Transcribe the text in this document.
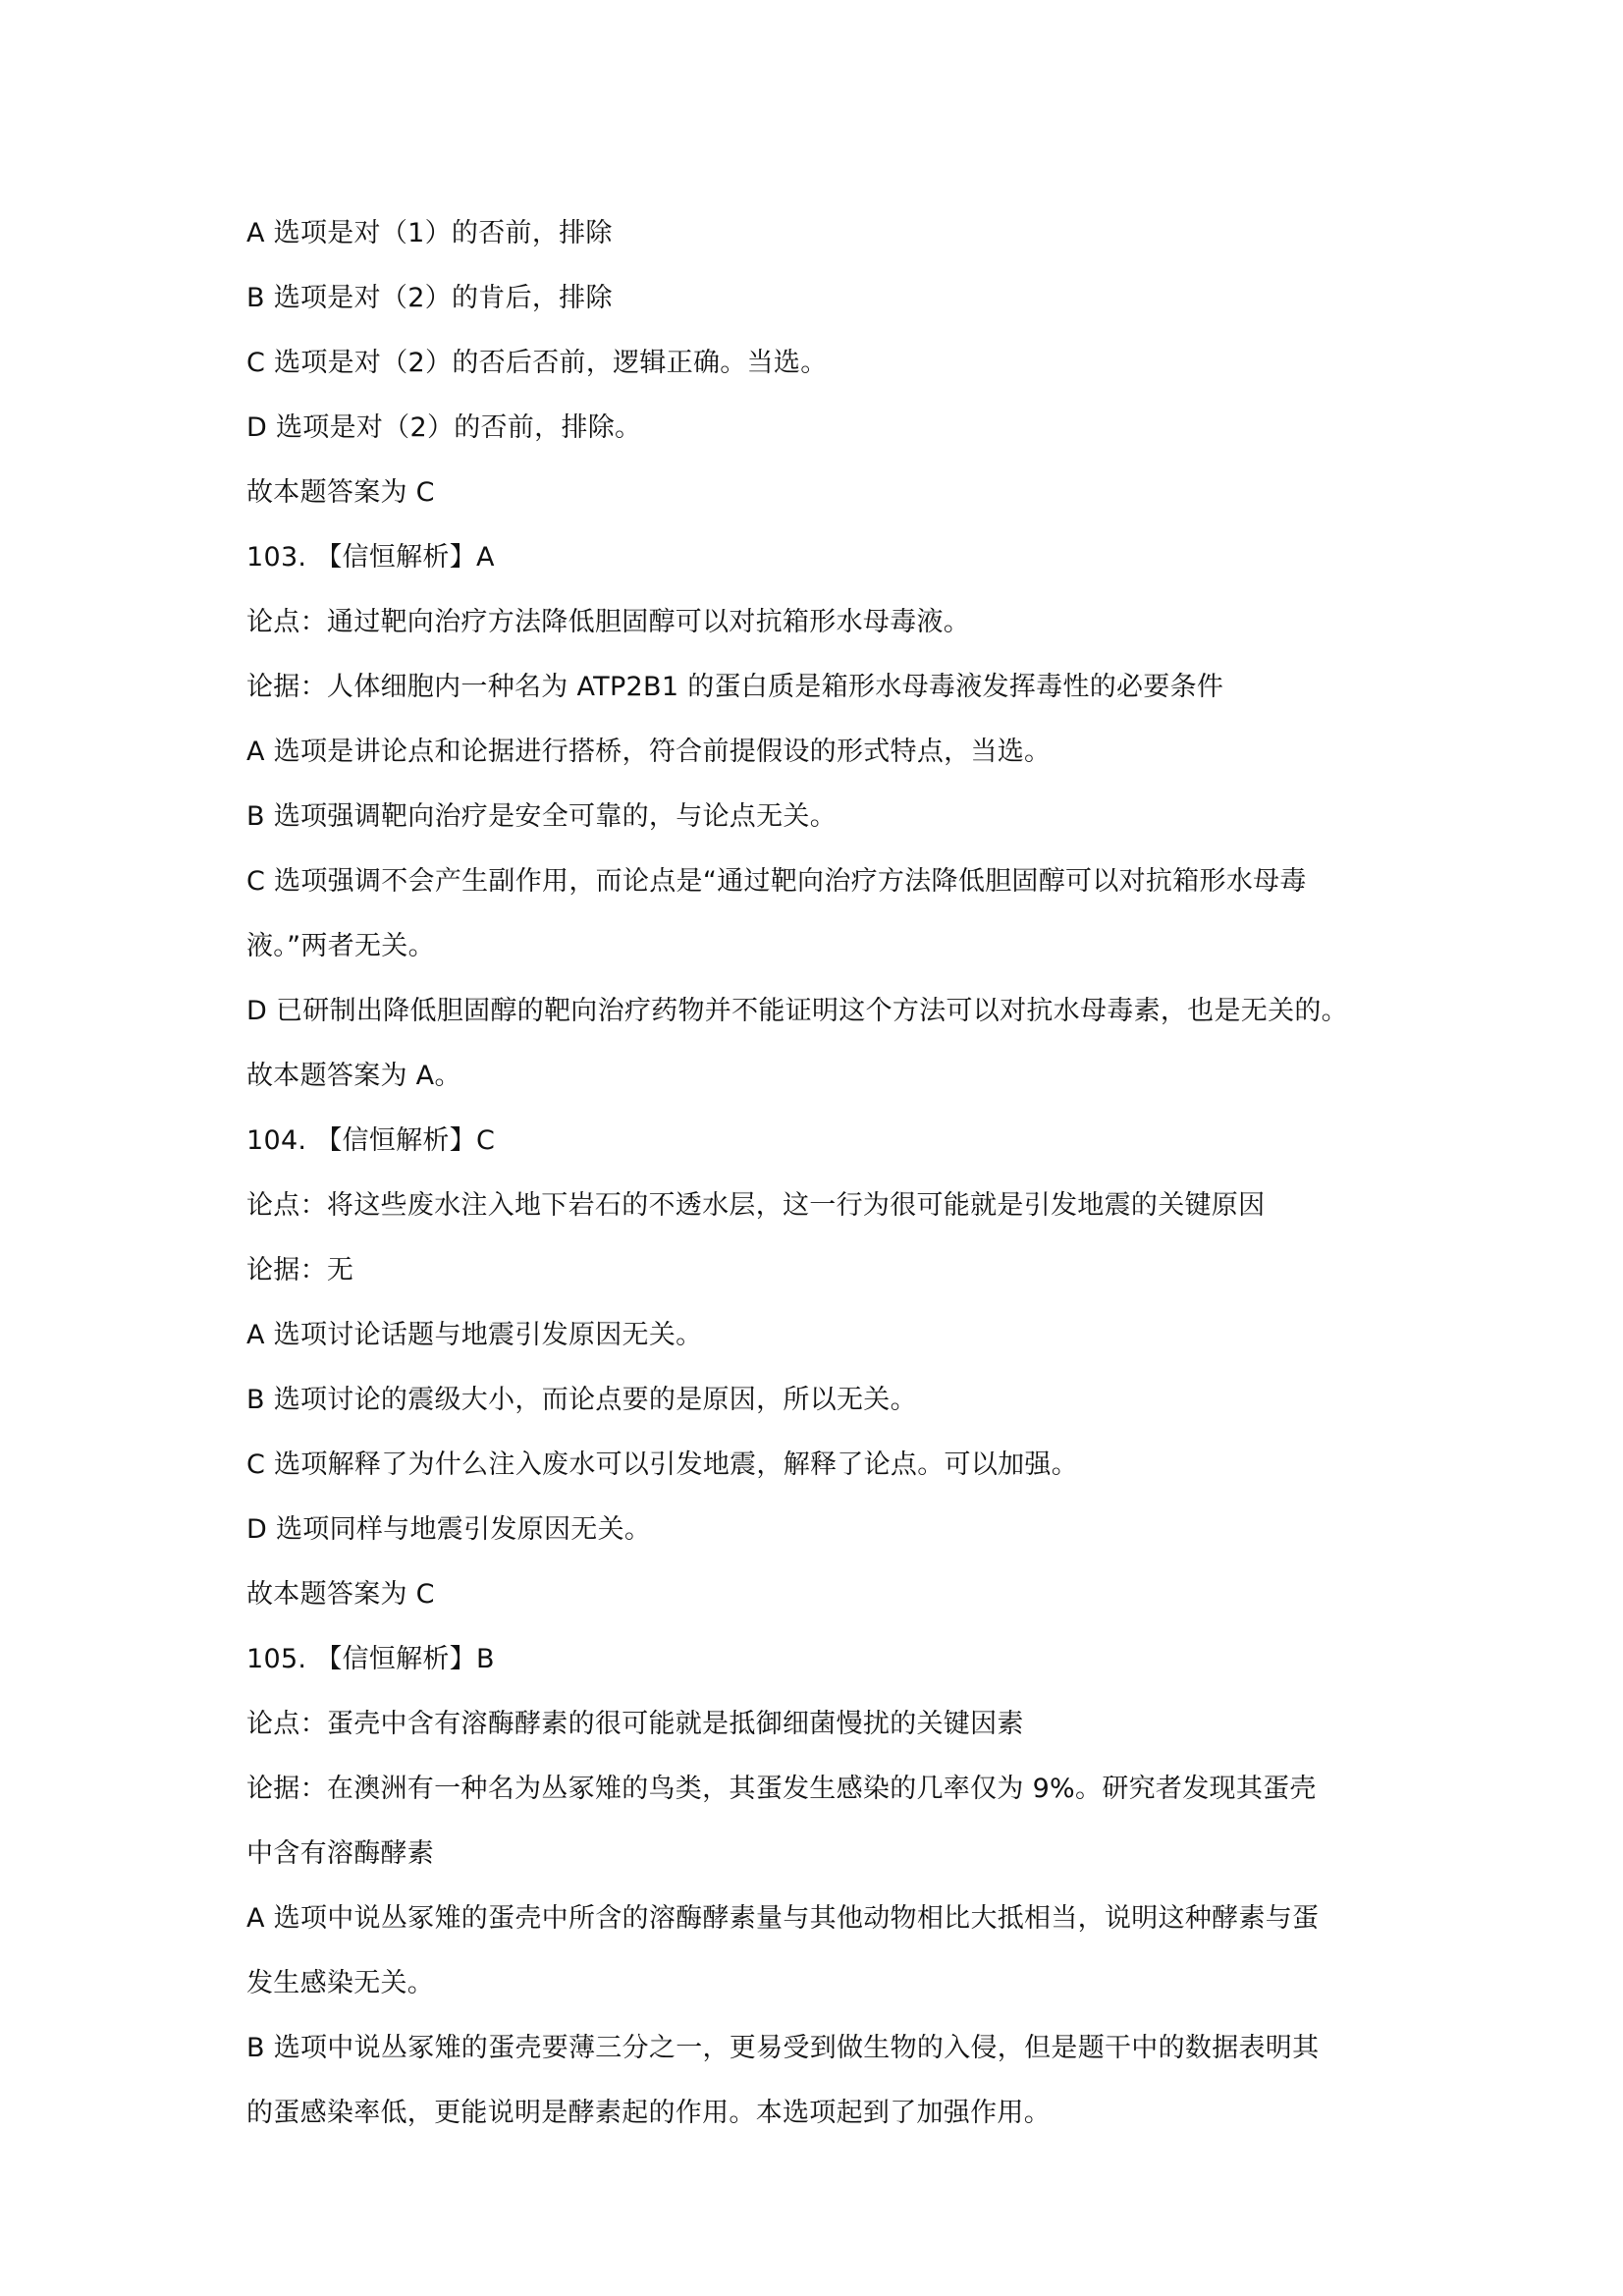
A 选项是对（1）的否前，排除
B 选项是对（2）的肯后，排除
C 选项是对（2）的否后否前，逻辑正确。当选。
D 选项是对（2）的否前，排除。
故本题答案为 C
103. 【信恒解析】A
论点：通过靶向治疗方法降低胆固醇可以对抗箱形水母毒液。
论据：人体细胞内一种名为 ATP2B1 的蛋白质是箱形水母毒液发挥毒性的必要条件
A 选项是讲论点和论据进行搭桥，符合前提假设的形式特点，当选。
B 选项强调靶向治疗是安全可靠的，与论点无关。
C 选项强调不会产生副作用，而论点是“通过靶向治疗方法降低胆固醇可以对抗箱形水母毒
液。”两者无关。
D 已研制出降低胆固醇的靶向治疗药物并不能证明这个方法可以对抗水母毒素，也是无关的。
故本题答案为 A。
104. 【信恒解析】C
论点：将这些废水注入地下岩石的不透水层，这一行为很可能就是引发地震的关键原因
论据：无
A 选项讨论话题与地震引发原因无关。
B 选项讨论的震级大小，而论点要的是原因，所以无关。
C 选项解释了为什么注入废水可以引发地震，解释了论点。可以加强。
D 选项同样与地震引发原因无关。
故本题答案为 C
105. 【信恒解析】B
论点：蛋壳中含有溶酶酵素的很可能就是抵御细菌慢扰的关键因素
论据：在澳洲有一种名为丛冢雉的鸟类，其蛋发生感染的几率仅为 9%。研究者发现其蛋壳
中含有溶酶酵素
A 选项中说丛冢雉的蛋壳中所含的溶酶酵素量与其他动物相比大抵相当，说明这种酵素与蛋
发生感染无关。
B 选项中说丛冢雉的蛋壳要薄三分之一，更易受到做生物的入侵，但是题干中的数据表明其
的蛋感染率低，更能说明是酵素起的作用。本选项起到了加强作用。
